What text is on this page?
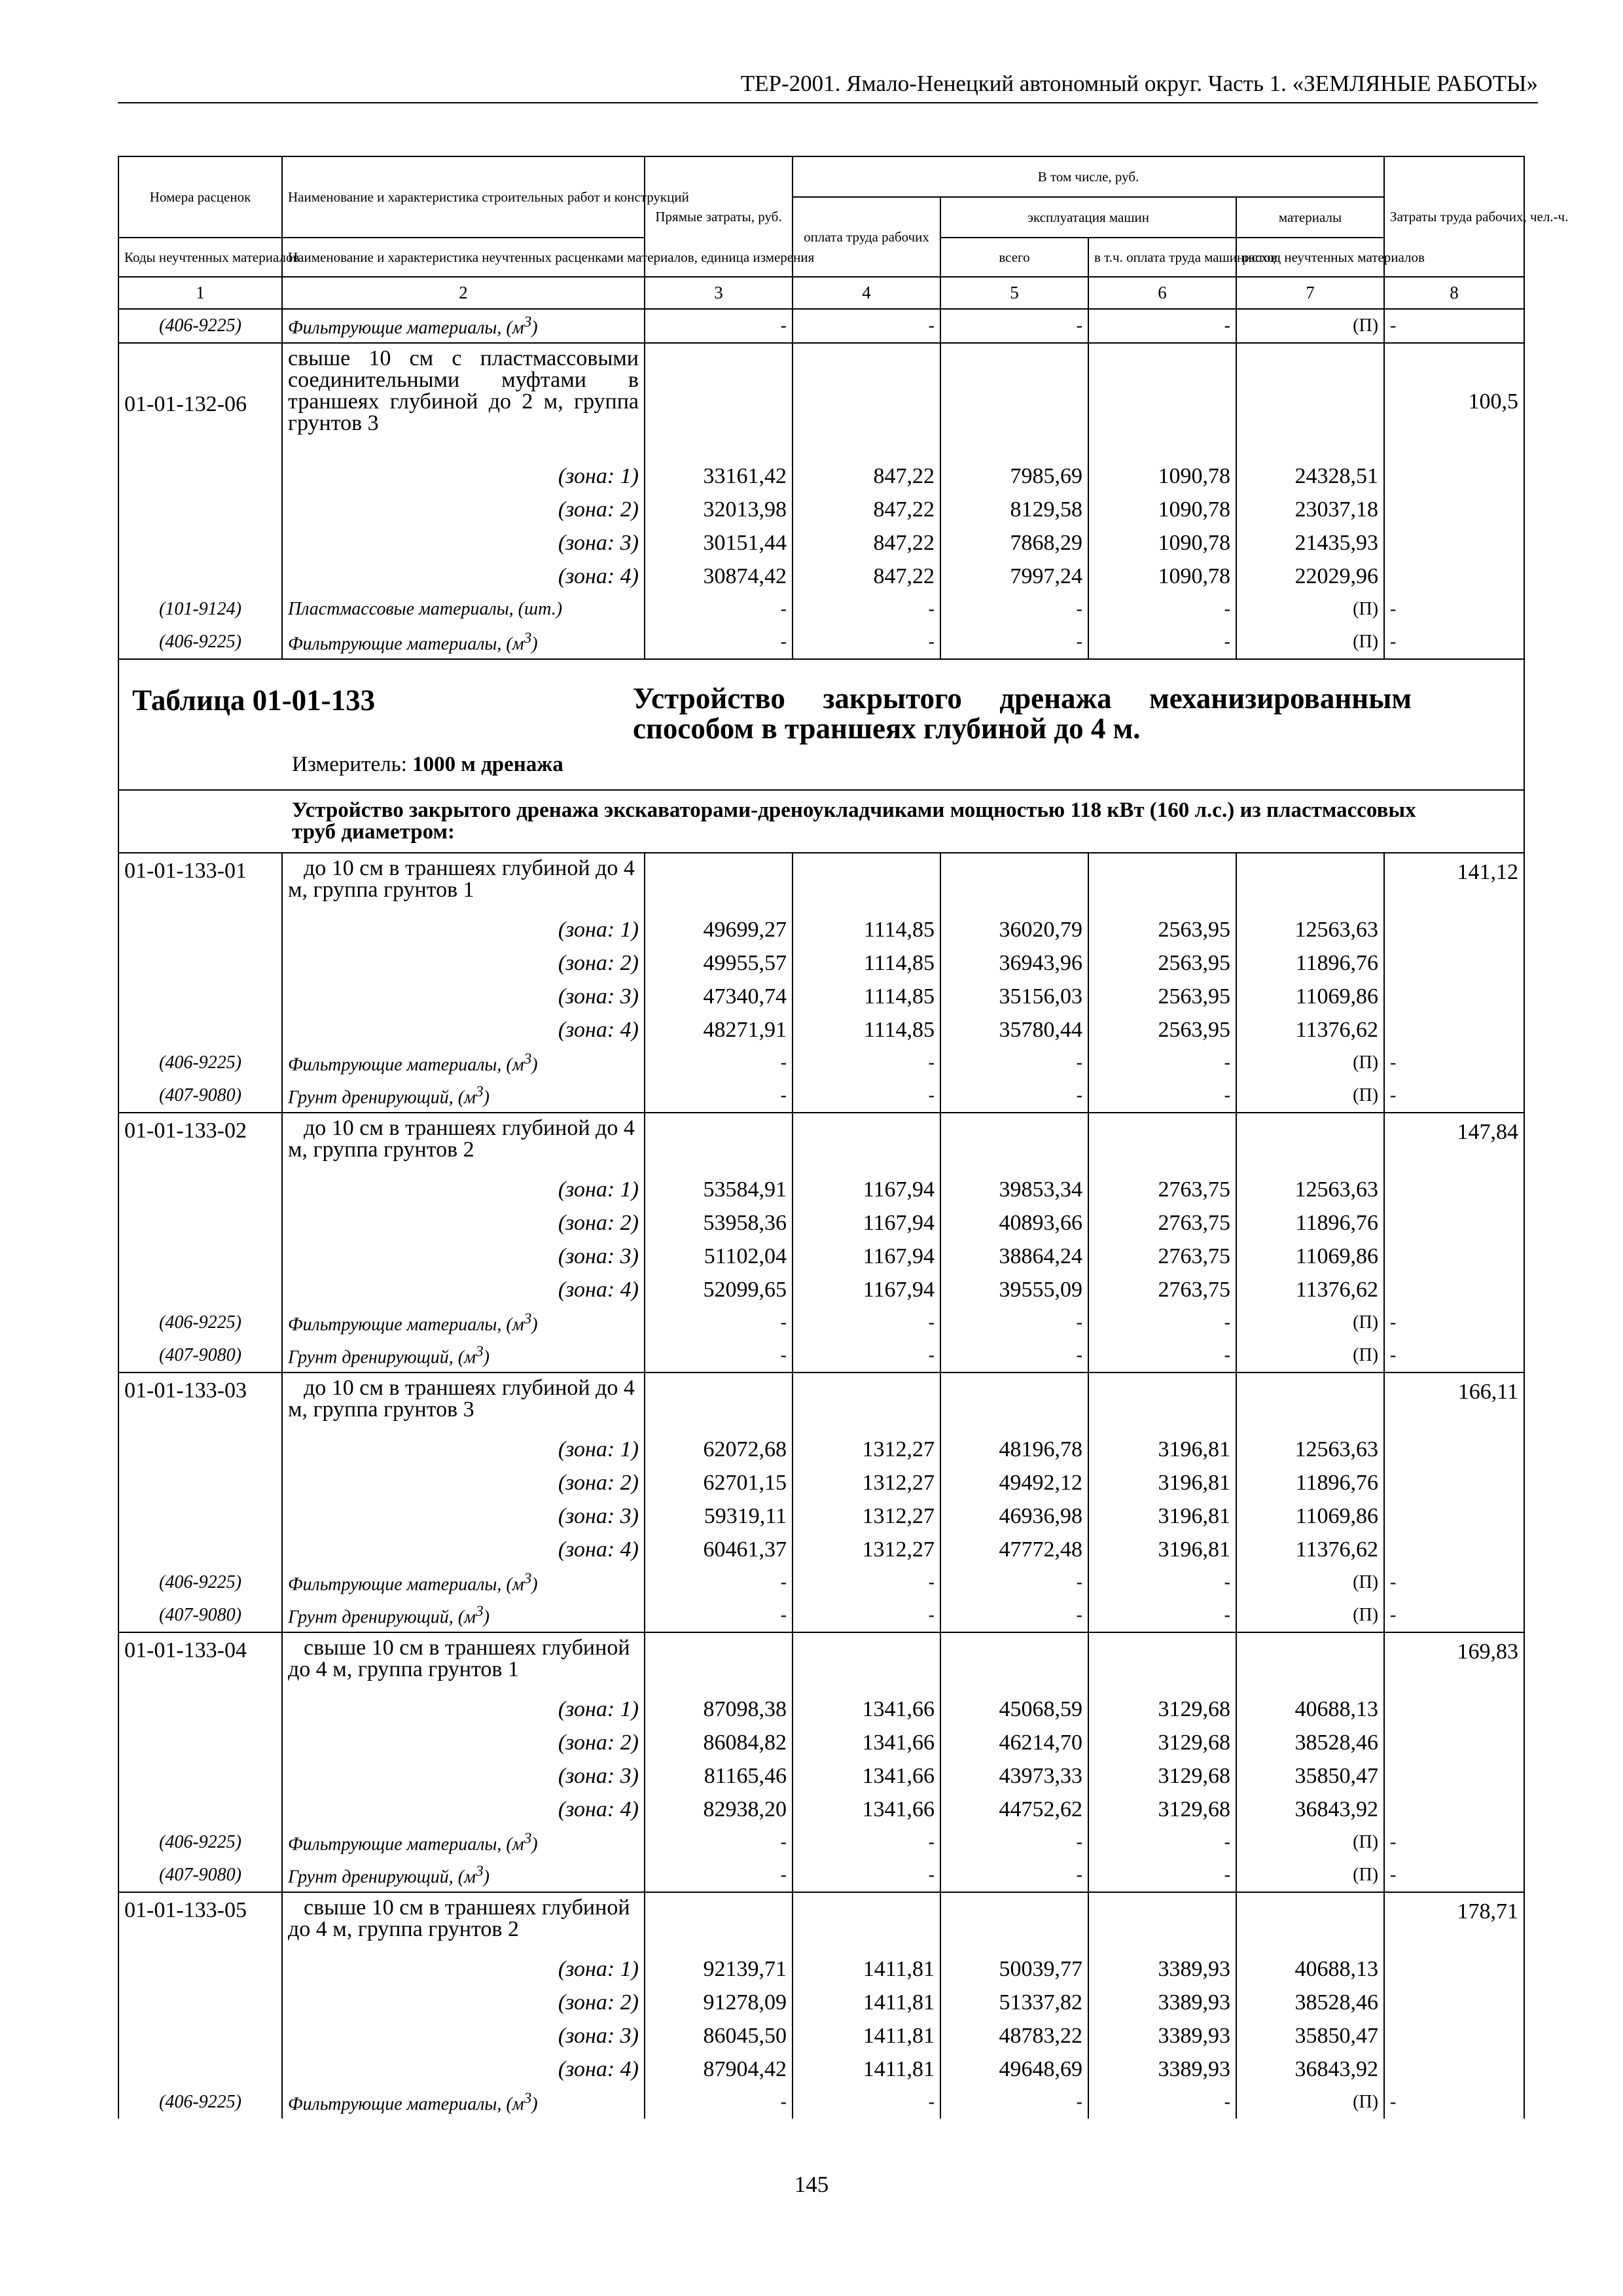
ТЕР-2001. Ямало-Ненецкий автономный округ. Часть 1. «ЗЕМЛЯНЫЕ РАБОТЫ»
Номера расценок	Наименование и характеристика строительных работ и конструкций	Прямые затраты, руб.	В том числе, руб.				Затраты труда рабочих, чел.-ч.
			оплата труда рабочих	эксплуатация машин		материалы	
Коды неучтенных материалов	Наименование и характеристика неучтенных расценками материалов, единица измерения			всего	в т.ч. оплата труда машинистов	расход неучтенных материалов	

1	2	3	4	5	6	7	8
(406-9225)	Фильтрующие материалы, $(м^3)$	-	-	-	-	(П)	-
01-01-132-06	свыше 10 см с пластмассовыми соединительными муфтами в траншеях глубиной до 2 м, группа грунтов 3						100,5
	(зона: 1)	33161,42	847,22	7985,69	1090,78	24328,51	
	(зона: 2)	32013,98	847,22	8129,58	1090,78	23037,18	
	(зона: 3)	30151,44	847,22	7868,29	1090,78	21435,93	
	(зона: 4)	30874,42	847,22	7997,24	1090,78	22029,96	
(101-9124)	Пластмассовые материалы, (шт.)	-	-	-	-	(П)	-
(406-9225)	Фильтрующие материалы, $(м^3)$	-	-	-	-	(П)	-

Таблица 01-01-133 Устройство закрытого дренажа механизированным способом в траншеях глубиной до 4 м.
Измеритель: 1000 м дренажа							

Устройство закрытого дренажа экскаваторами-дреноукладчиками мощностью 118 кВт (160 л.с.) из пластмассовых труб диаметром:							

01-01-133-01	до 10 см в траншеях глубиной до 4 м, группа грунтов 1						141,12
	(зона: 1)	49699,27	1114,85	36020,79	2563,95	12563,63	
	(зона: 2)	49955,57	1114,85	36943,96	2563,95	11896,76	
	(зона: 3)	47340,74	1114,85	35156,03	2563,95	11069,86	
	(зона: 4)	48271,91	1114,85	35780,44	2563,95	11376,62	
(406-9225)	Фильтрующие материалы, $(м^3)$	-	-	-	-	(П)	-
(407-9080)	Грунт дренирующий, $(м^3)$	-	-	-	-	(П)	-
01-01-133-02	до 10 см в траншеях глубиной до 4 м, группа грунтов 2						147,84
	(зона: 1)	53584,91	1167,94	39853,34	2763,75	12563,63	
	(зона: 2)	53958,36	1167,94	40893,66	2763,75	11896,76	
	(зона: 3)	51102,04	1167,94	38864,24	2763,75	11069,86	
	(зона: 4)	52099,65	1167,94	39555,09	2763,75	11376,62	
(406-9225)	Фильтрующие материалы, $(м^3)$	-	-	-	-	(П)	-
(407-9080)	Грунт дренирующий, $(м^3)$	-	-	-	-	(П)	-
01-01-133-03	до 10 см в траншеях глубиной до 4 м, группа грунтов 3						166,11
	(зона: 1)	62072,68	1312,27	48196,78	3196,81	12563,63	
	(зона: 2)	62701,15	1312,27	49492,12	3196,81	11896,76	
	(зона: 3)	59319,11	1312,27	46936,98	3196,81	11069,86	
	(зона: 4)	60461,37	1312,27	47772,48	3196,81	11376,62	
(406-9225)	Фильтрующие материалы, $(м^3)$	-	-	-	-	(П)	-
(407-9080)	Грунт дренирующий, $(м^3)$	-	-	-	-	(П)	-
01-01-133-04	свыше 10 см в траншеях глубиной до 4 м, группа грунтов 1						169,83
	(зона: 1)	87098,38	1341,66	45068,59	3129,68	40688,13	
	(зона: 2)	86084,82	1341,66	46214,70	3129,68	38528,46	
	(зона: 3)	81165,46	1341,66	43973,33	3129,68	35850,47	
	(зона: 4)	82938,20	1341,66	44752,62	3129,68	36843,92	
(406-9225)	Фильтрующие материалы, $(м^3)$	-	-	-	-	(П)	-
(407-9080)	Грунт дренирующий, $(м^3)$	-	-	-	-	(П)	-
01-01-133-05	свыше 10 см в траншеях глубиной до 4 м, группа грунтов 2						178,71
	(зона: 1)	92139,71	1411,81	50039,77	3389,93	40688,13	
	(зона: 2)	91278,09	1411,81	51337,82	3389,93	38528,46	
	(зона: 3)	86045,50	1411,81	48783,22	3389,93	35850,47	
	(зона: 4)	87904,42	1411,81	49648,69	3389,93	36843,92	
(406-9225)	Фильтрующие материалы, $(м^3)$	-	-	-	-	(П)	-
145
